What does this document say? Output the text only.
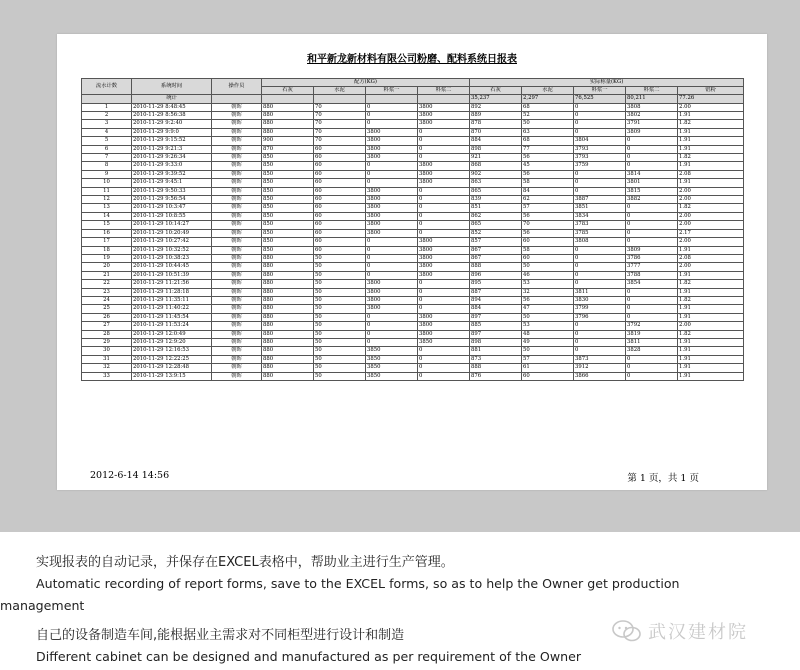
和平新龙新材料有限公司粉磨、配料系统日报表
流水计数	系统时间	操作员	配方(KG)				实际称量(KG)				
			石灰	水泥	料浆一	料浆二	石灰	水泥	料浆一	料浆二	铝粉
	统计						35,237	2,297	76,525	80,211	77.26
1	2010-11-29 8:48:45	朝晖	880	70	0	3800	892	68	0	3808	2.00
2	2010-11-29 8:56:38	朝晖	880	70	0	3800	889	52	0	3802	1.91
3	2010-11-29 9:2:40	朝晖	880	70	0	3800	878	50	0	3791	1.82
4	2010-11-29 9:9:0	朝晖	880	70	3800	0	870	63	0	3809	1.91
5	2010-11-29 9:15:52	朝晖	900	70	3800	0	884	68	3804	0	1.91
6	2010-11-29 9:21:3	朝晖	870	60	3800	0	898	77	3793	0	1.91
7	2010-11-29 9:26:34	朝晖	850	60	3800	0	921	56	3793	0	1.82
8	2010-11-29 9:33:0	朝晖	850	60	0	3800	868	45	3759	0	1.91
9	2010-11-29 9:39:52	朝晖	850	60	0	3800	902	56	0	3814	2.08
10	2010-11-29 9:45:1	朝晖	850	60	0	3800	863	58	0	3801	1.91
11	2010-11-29 9:50:33	朝晖	850	60	3800	0	865	84	0	3815	2.00
12	2010-11-29 9:56:54	朝晖	850	60	3800	0	839	62	3887	3882	2.00
13	2010-11-29 10:3:47	朝晖	850	60	3800	0	851	57	3851	0	1.82
14	2010-11-29 10:8:55	朝晖	850	60	3800	0	862	56	3834	0	2.00
15	2010-11-29 10:14:27	朝晖	850	60	3800	0	865	70	3783	0	2.00
16	2010-11-29 10:20:49	朝晖	850	60	3800	0	852	56	3785	0	2.17
17	2010-11-29 10:27:42	朝晖	850	60	0	3800	857	60	3808	0	2.00
18	2010-11-29 10:32:52	朝晖	850	60	0	3800	867	58	0	3809	1.91
19	2010-11-29 10:38:23	朝晖	880	50	0	3800	867	60	0	3786	2.08
20	2010-11-29 10:44:45	朝晖	880	50	0	3800	888	50	0	3777	2.00
21	2010-11-29 10:51:39	朝晖	880	50	0	3800	896	46	0	3788	1.91
22	2010-11-29 11:21:56	朝晖	880	50	3800	0	895	53	0	3854	1.82
23	2010-11-29 11:28:18	朝晖	880	50	3800	0	887	32	3811	0	1.91
24	2010-11-29 11:35:11	朝晖	880	50	3800	0	894	56	3830	0	1.82
25	2010-11-29 11:40:22	朝晖	880	50	3800	0	884	47	3799	0	1.91
26	2010-11-29 11:45:54	朝晖	880	50	0	3800	897	50	3796	0	1.91
27	2010-11-29 11:53:24	朝晖	880	50	0	3800	885	53	0	3792	2.00
28	2010-11-29 12:0:49	朝晖	880	50	0	3800	897	48	0	3819	1.82
29	2010-11-29 12:9:20	朝晖	880	50	0	3850	898	49	0	3811	1.91
30	2010-11-29 12:16:53	朝晖	880	50	3850	0	881	50	0	3828	1.91
31	2010-11-29 12:22:25	朝晖	880	50	3850	0	873	57	3873	0	1.91
32	2010-11-29 12:28:48	朝晖	880	50	3850	0	888	61	3912	0	1.91
33	2010-11-29 13:9:15	朝晖	880	50	3850	0	876	60	3866	0	1.91
2012-6-14 14:56	第 1 页，共 1 页
实现报表的自动记录，并保存在EXCEL表格中，帮助业主进行生产管理。
Automatic recording of report forms, save to the EXCEL forms, so as to help the Owner get production
management
自己的设备制造车间,能根据业主需求对不同柜型进行设计和制造
Different cabinet can be designed and manufactured as per requirement of the Owner
武汉建材院
